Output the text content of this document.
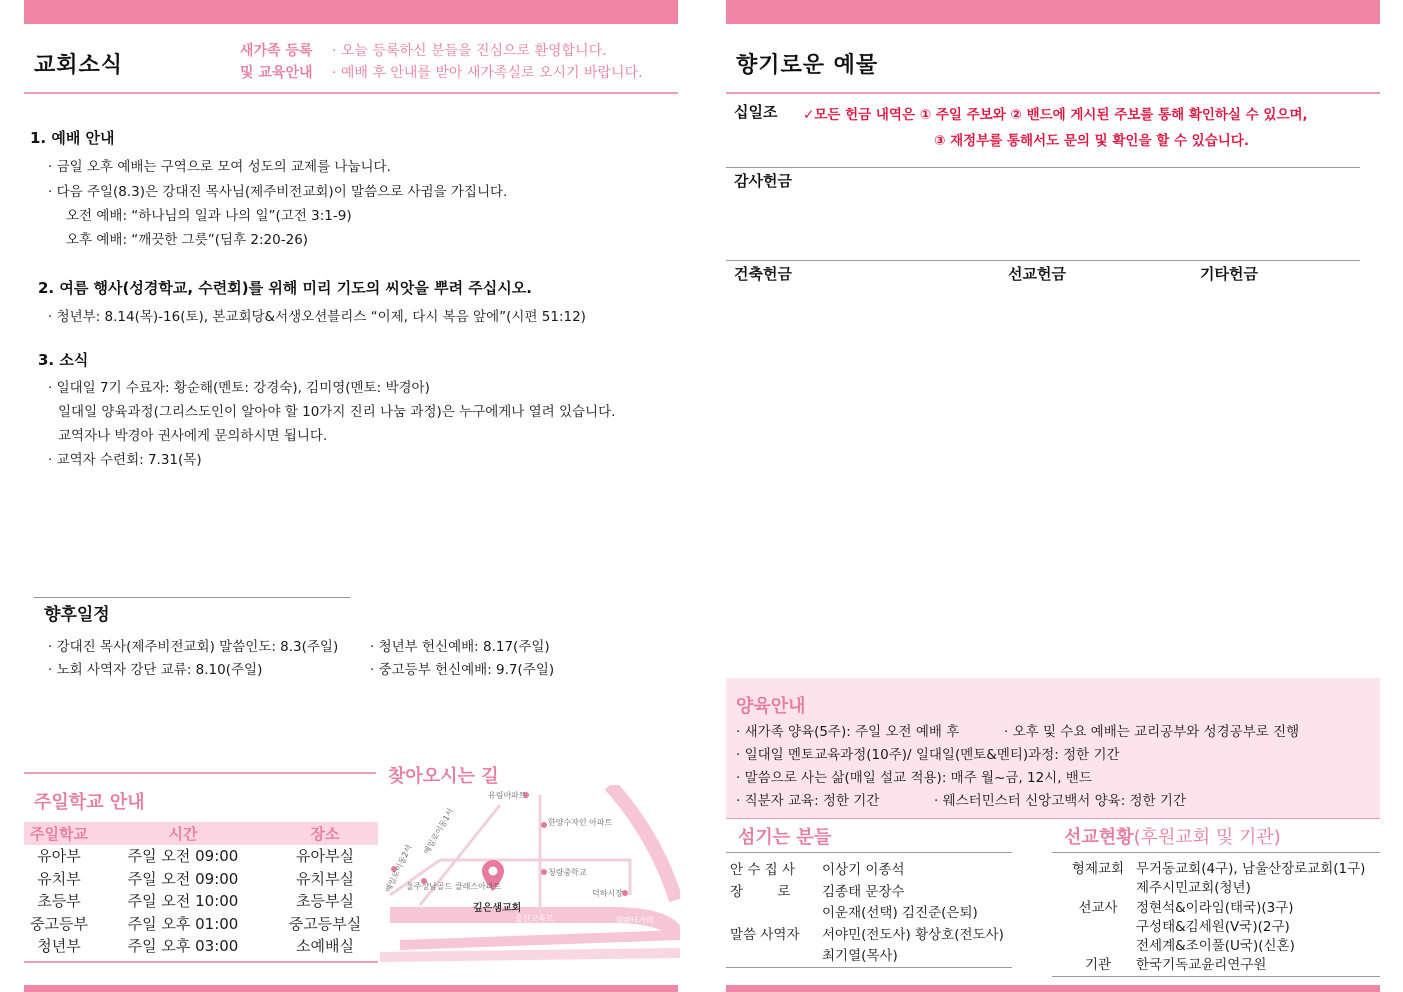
교회소식
새가족 등록
및 교육안내
· 오늘 등록하신 분들을 진심으로 환영합니다.
· 예배 후 안내를 받아 새가족실로 오시기 바랍니다.
1. 예배 안내
· 금일 오후 예배는 구역으로 모여 성도의 교제를 나눕니다.
· 다음 주일(8.3)은 강대진 목사님(제주비전교회)이 말씀으로 사귐을 가집니다.
오전 예배: “하나님의 일과 나의 일”(고전 3:1-9)
오후 예배: “깨끗한 그릇”(딤후 2:20-26)
2. 여름 행사(성경학교, 수련회)를 위해 미리 기도의 씨앗을 뿌려 주십시오.
· 청년부: 8.14(목)-16(토), 본교회당&서생오션블리스 “이제, 다시 복음 앞에”(시편 51:12)
3. 소식
· 일대일 7기 수료자: 황순해(멘토: 강경숙), 김미영(멘토: 박경아)
일대일 양육과정(그리스도인이 알아야 할 10가지 진리 나눔 과정)은 누구에게나 열려 있습니다.
교역자나 박경아 권사에게 문의하시면 됩니다.
· 교역자 수련회: 7.31(목)
향후일정
· 강대진 목사(제주비전교회) 말씀인도: 8.3(주일)
· 노회 사역자 강단 교류: 8.10(주일)
· 청년부 헌신예배: 8.17(주일)
· 중고등부 헌신예배: 9.7(주일)
찾아오시는 길
주일학교 안내
주일학교	시간	장소
유아부	주일 오전 09:00	유아부실
유치부	주일 오전 09:00	유치부실
초등부	주일 오전 10:00	초등부실
중고등부	주일 오후 01:00	중고등부실
청년부	주일 오후 03:00	소예배실
유림아파트
한양수자인 아파트
청량중학교
덕하시장
울주상남골드 클래스아파트
깊은샘교회
예일로이동1서
예일로이동2서
울산고속로	청량터가리
향기로운 예물
십일조 ✓모든 헌금 내역은 ① 주일 주보와 ② 밴드에 게시된 주보를 통해 확인하실 수 있으며,
③ 재정부를 통해서도 문의 및 확인을 할 수 있습니다.
감사헌금
건축헌금	선교헌금	기타헌금
양육안내
· 새가족 양육(5주): 주일 오전 예배 후	· 오후 및 수요 예배는 교리공부와 성경공부로 진행
· 일대일 멘토교육과정(10주)/ 일대일(멘토&멘티)과정: 정한 기간
· 말씀으로 사는 삶(매일 설교 적용): 매주 월~금, 12시, 밴드
· 직분자 교육: 정한 기간	· 웨스터민스터 신앙고백서 양육: 정한 기간
섬기는 분들
안 수 집 사	이상기 이종석
장        로	김종태 문장수
이운재(선택) 김진준(은퇴)
말씀 사역자	서야민(전도사) 황상호(전도사)
최기열(목사)
선교현황(후원교회 및 기관)
형제교회 무거동교회(4구), 남울산장로교회(1구)
제주시민교회(청년)
선교사	정현석&이라임(태국)(3구)
구성태&김세원(V국)(2구)
전세계&조이풀(U국)(신혼)
기관	한국기독교윤리연구원
